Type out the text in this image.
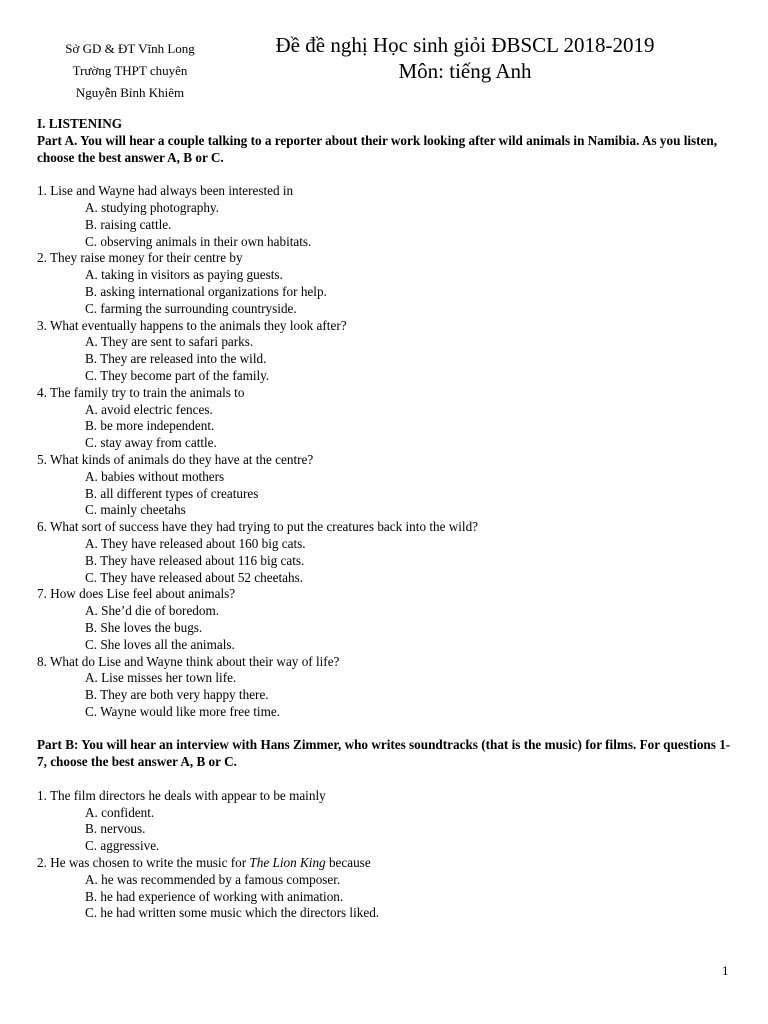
Sở GD & ĐT Vĩnh Long
Trường THPT chuyên
Nguyễn Bỉnh Khiêm
Đề đề nghị Học sinh giỏi ĐBSCL 2018-2019
Môn: tiếng Anh
I. LISTENING
Part A. You will hear a couple talking to a reporter about their work looking after wild animals in Namibia. As you listen, choose the best answer A, B or C.
1. Lise and Wayne had always been interested in
A. studying photography.
B. raising cattle.
C. observing animals in their own habitats.
2. They raise money for their centre by
A. taking in visitors as paying guests.
B. asking international organizations for help.
C. farming the surrounding countryside.
3. What eventually happens to the animals they look after?
A. They are sent to safari parks.
B. They are released into the wild.
C. They become part of the family.
4. The family try to train the animals to
A. avoid electric fences.
B. be more independent.
C. stay away from cattle.
5. What kinds of animals do they have at the centre?
A. babies without mothers
B. all different types of creatures
C. mainly cheetahs
6. What sort of success have they had trying to put the creatures back into the wild?
A. They have released about 160 big cats.
B. They have released about 116 big cats.
C. They have released about 52 cheetahs.
7. How does Lise feel about animals?
A. She’d die of boredom.
B. She loves the bugs.
C. She loves all the animals.
8. What do Lise and Wayne think about their way of life?
A. Lise misses her town life.
B. They are both very happy there.
C. Wayne would like more free time.
Part B: You will hear an interview with Hans Zimmer, who writes soundtracks (that is the music) for films. For questions 1-7, choose the best answer A, B or C.
1. The film directors he deals with appear to be mainly
A. confident.
B. nervous.
C. aggressive.
2. He was chosen to write the music for The Lion King because
A. he was recommended by a famous composer.
B. he had experience of working with animation.
C. he had written some music which the directors liked.
1
